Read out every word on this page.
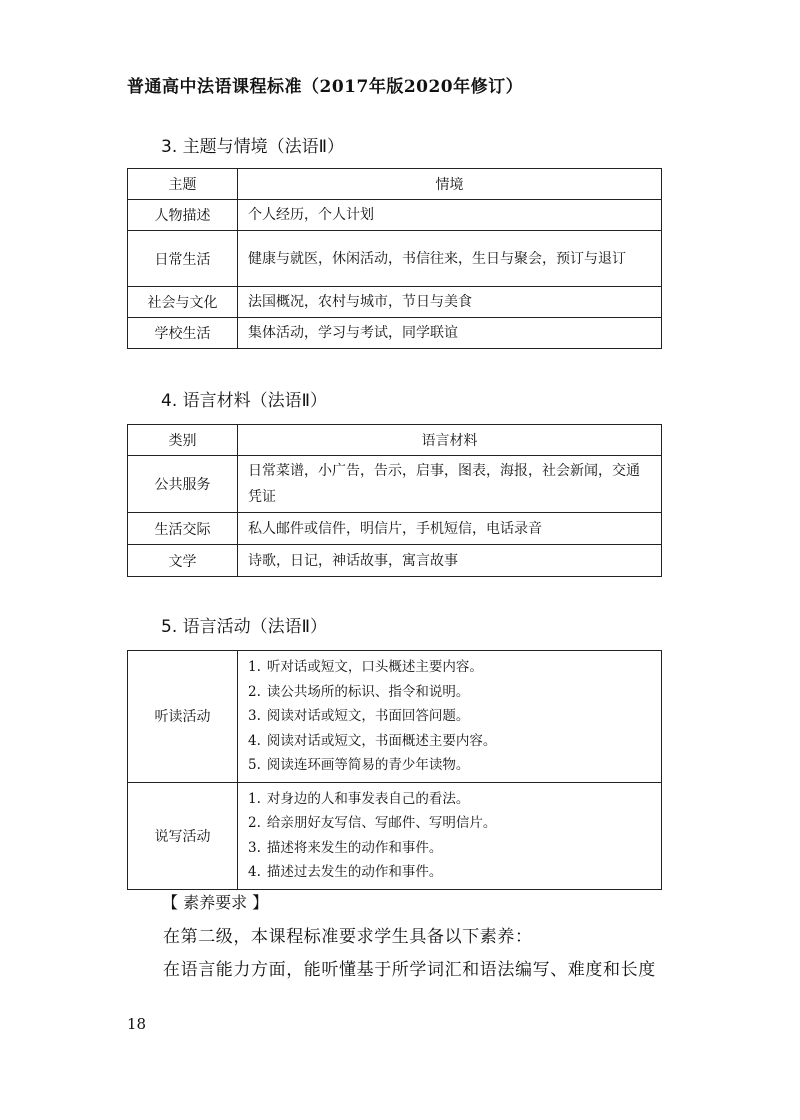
普通高中法语课程标准（2017年版2020年修订）
3. 主题与情境（法语Ⅱ）
主题	情境
人物描述	个人经历，个人计划
日常生活	健康与就医，休闲活动，书信往来，生日与聚会，预订与退订
社会与文化	法国概况，农村与城市，节日与美食
学校生活	集体活动，学习与考试，同学联谊
4. 语言材料（法语Ⅱ）
类别	语言材料
公共服务	日常菜谱，小广告，告示，启事，图表，海报，社会新闻，交通凭证
生活交际	私人邮件或信件，明信片，手机短信，电话录音
文学	诗歌，日记，神话故事，寓言故事
5. 语言活动（法语Ⅱ）
听读活动	1. 听对话或短文，口头概述主要内容。
2. 读公共场所的标识、指令和说明。
3. 阅读对话或短文，书面回答问题。
4. 阅读对话或短文，书面概述主要内容。
5. 阅读连环画等简易的青少年读物。

说写活动	1. 对身边的人和事发表自己的看法。
2. 给亲朋好友写信、写邮件、写明信片。
3. 描述将来发生的动作和事件。
4. 描述过去发生的动作和事件。
【 素养要求 】
在第二级，本课程标准要求学生具备以下素养：
在语言能力方面，能听懂基于所学词汇和语法编写、难度和长度
18
